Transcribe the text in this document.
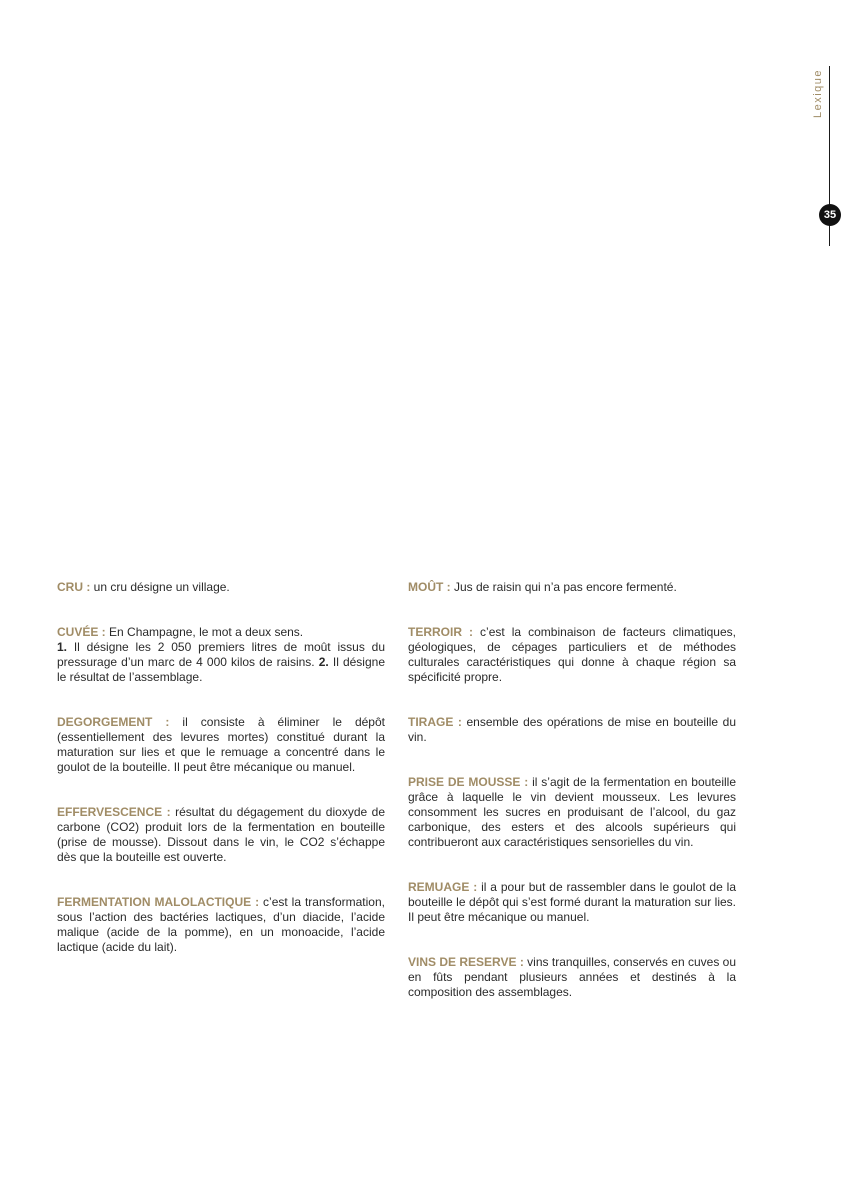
Lexique
35

CRU : un cru désigne un village.

CUVÉE : En Champagne, le mot a deux sens.
1. Il désigne les 2 050 premiers litres de moût issus du pressurage d’un marc de 4 000 kilos de raisins. 2. Il désigne le résultat de l’assemblage.

DEGORGEMENT : il consiste à éliminer le dépôt (essentiellement des levures mortes) constitué durant la maturation sur lies et que le remuage a concentré dans le goulot de la bouteille. Il peut être mécanique ou manuel.

EFFERVESCENCE : résultat du dégagement du dioxyde de carbone (CO2) produit lors de la fermentation en bouteille (prise de mousse). Dissout dans le vin, le CO2 s’échappe dès que la bouteille est ouverte.

FERMENTATION MALOLACTIQUE : c’est la transformation, sous l’action des bactéries lactiques, d’un diacide, l’acide malique (acide de la pomme), en un monoacide, l’acide lactique (acide du lait).

MOÛT : Jus de raisin qui n’a pas encore fermenté.

TERROIR : c’est la combinaison de facteurs climatiques, géologiques, de cépages particuliers et de méthodes culturales caractéristiques qui donne à chaque région sa spécificité propre.

TIRAGE : ensemble des opérations de mise en bouteille du vin.

PRISE DE MOUSSE : il s’agit de la fermentation en bouteille grâce à laquelle le vin devient mousseux. Les levures consomment les sucres en produisant de l’alcool, du gaz carbonique, des esters et des alcools supérieurs qui contribueront aux caractéristiques sensorielles du vin.

REMUAGE : il a pour but de rassembler dans le goulot de la bouteille le dépôt qui s’est formé durant la maturation sur lies. Il peut être mécanique ou manuel.

VINS DE RESERVE : vins tranquilles, conservés en cuves ou en fûts pendant plusieurs années et destinés à la composition des assemblages.
